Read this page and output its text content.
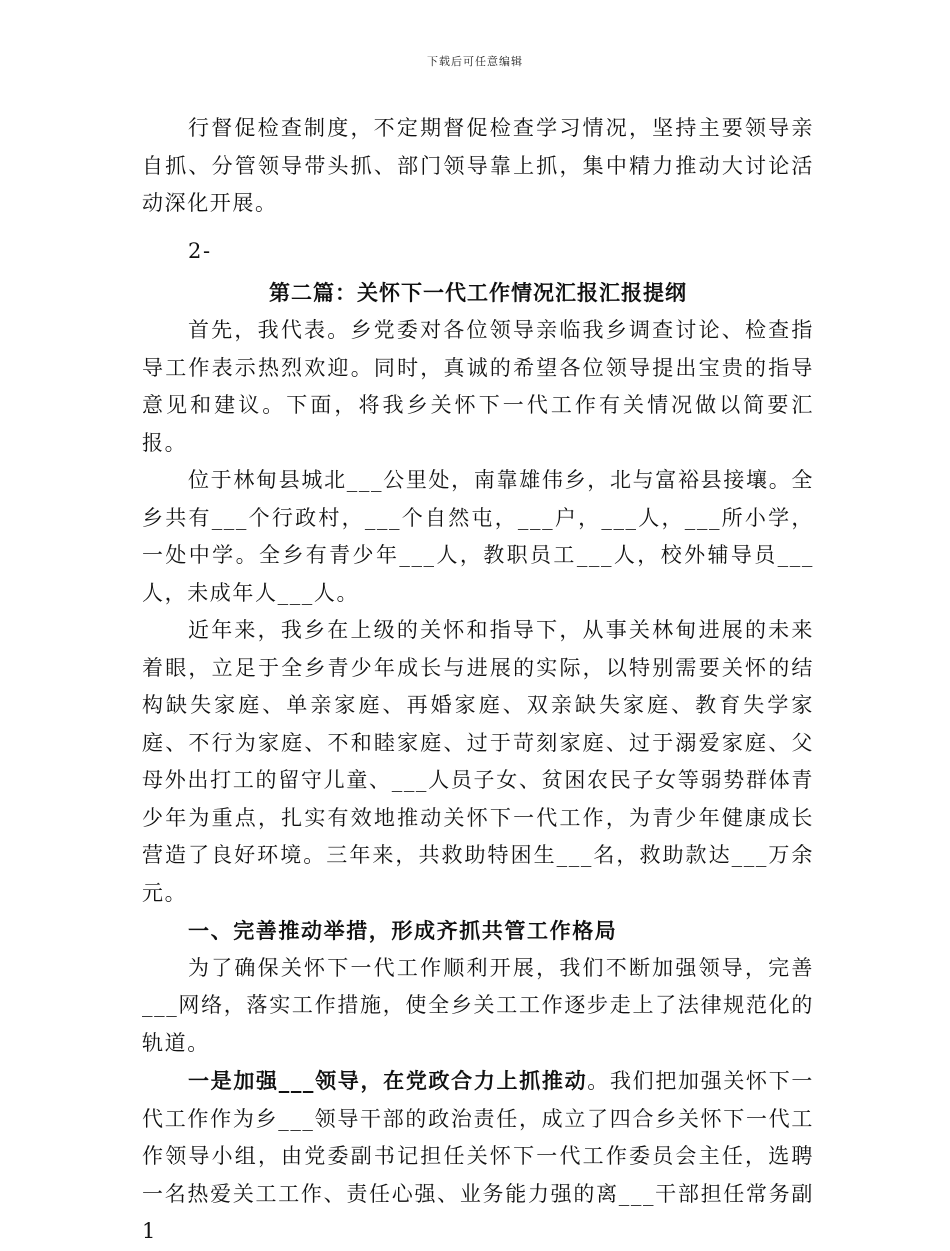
下载后可任意编辑

行督促检查制度，不定期督促检查学习情况，坚持主要领导亲自抓、分管领导带头抓、部门领导靠上抓，集中精力推动大讨论活动深化开展。

2-

第二篇：关怀下一代工作情况汇报汇报提纲

首先，我代表。乡党委对各位领导亲临我乡调查讨论、检查指导工作表示热烈欢迎。同时，真诚的希望各位领导提出宝贵的指导意见和建议。下面，将我乡关怀下一代工作有关情况做以简要汇报。

位于林甸县城北___公里处，南靠雄伟乡，北与富裕县接壤。全乡共有___个行政村，___个自然屯，___户，___人，___所小学，一处中学。全乡有青少年___人，教职员工___人，校外辅导员___人，未成年人___人。

近年来，我乡在上级的关怀和指导下，从事关林甸进展的未来着眼，立足于全乡青少年成长与进展的实际，以特别需要关怀的结构缺失家庭、单亲家庭、再婚家庭、双亲缺失家庭、教育失学家庭、不行为家庭、不和睦家庭、过于苛刻家庭、过于溺爱家庭、父母外出打工的留守儿童、___人员子女、贫困农民子女等弱势群体青少年为重点，扎实有效地推动关怀下一代工作，为青少年健康成长营造了良好环境。三年来，共救助特困生___名，救助款达___万余元。

一、完善推动举措，形成齐抓共管工作格局

为了确保关怀下一代工作顺利开展，我们不断加强领导，完善___网络，落实工作措施，使全乡关工工作逐步走上了法律规范化的轨道。

一是加强___领导，在党政合力上抓推动。我们把加强关怀下一代工作作为乡___领导干部的政治责任，成立了四合乡关怀下一代工作领导小组，由党委副书记担任关怀下一代工作委员会主任，选聘一名热爱关工工作、责任心强、业务能力强的离___干部担任常务副1
